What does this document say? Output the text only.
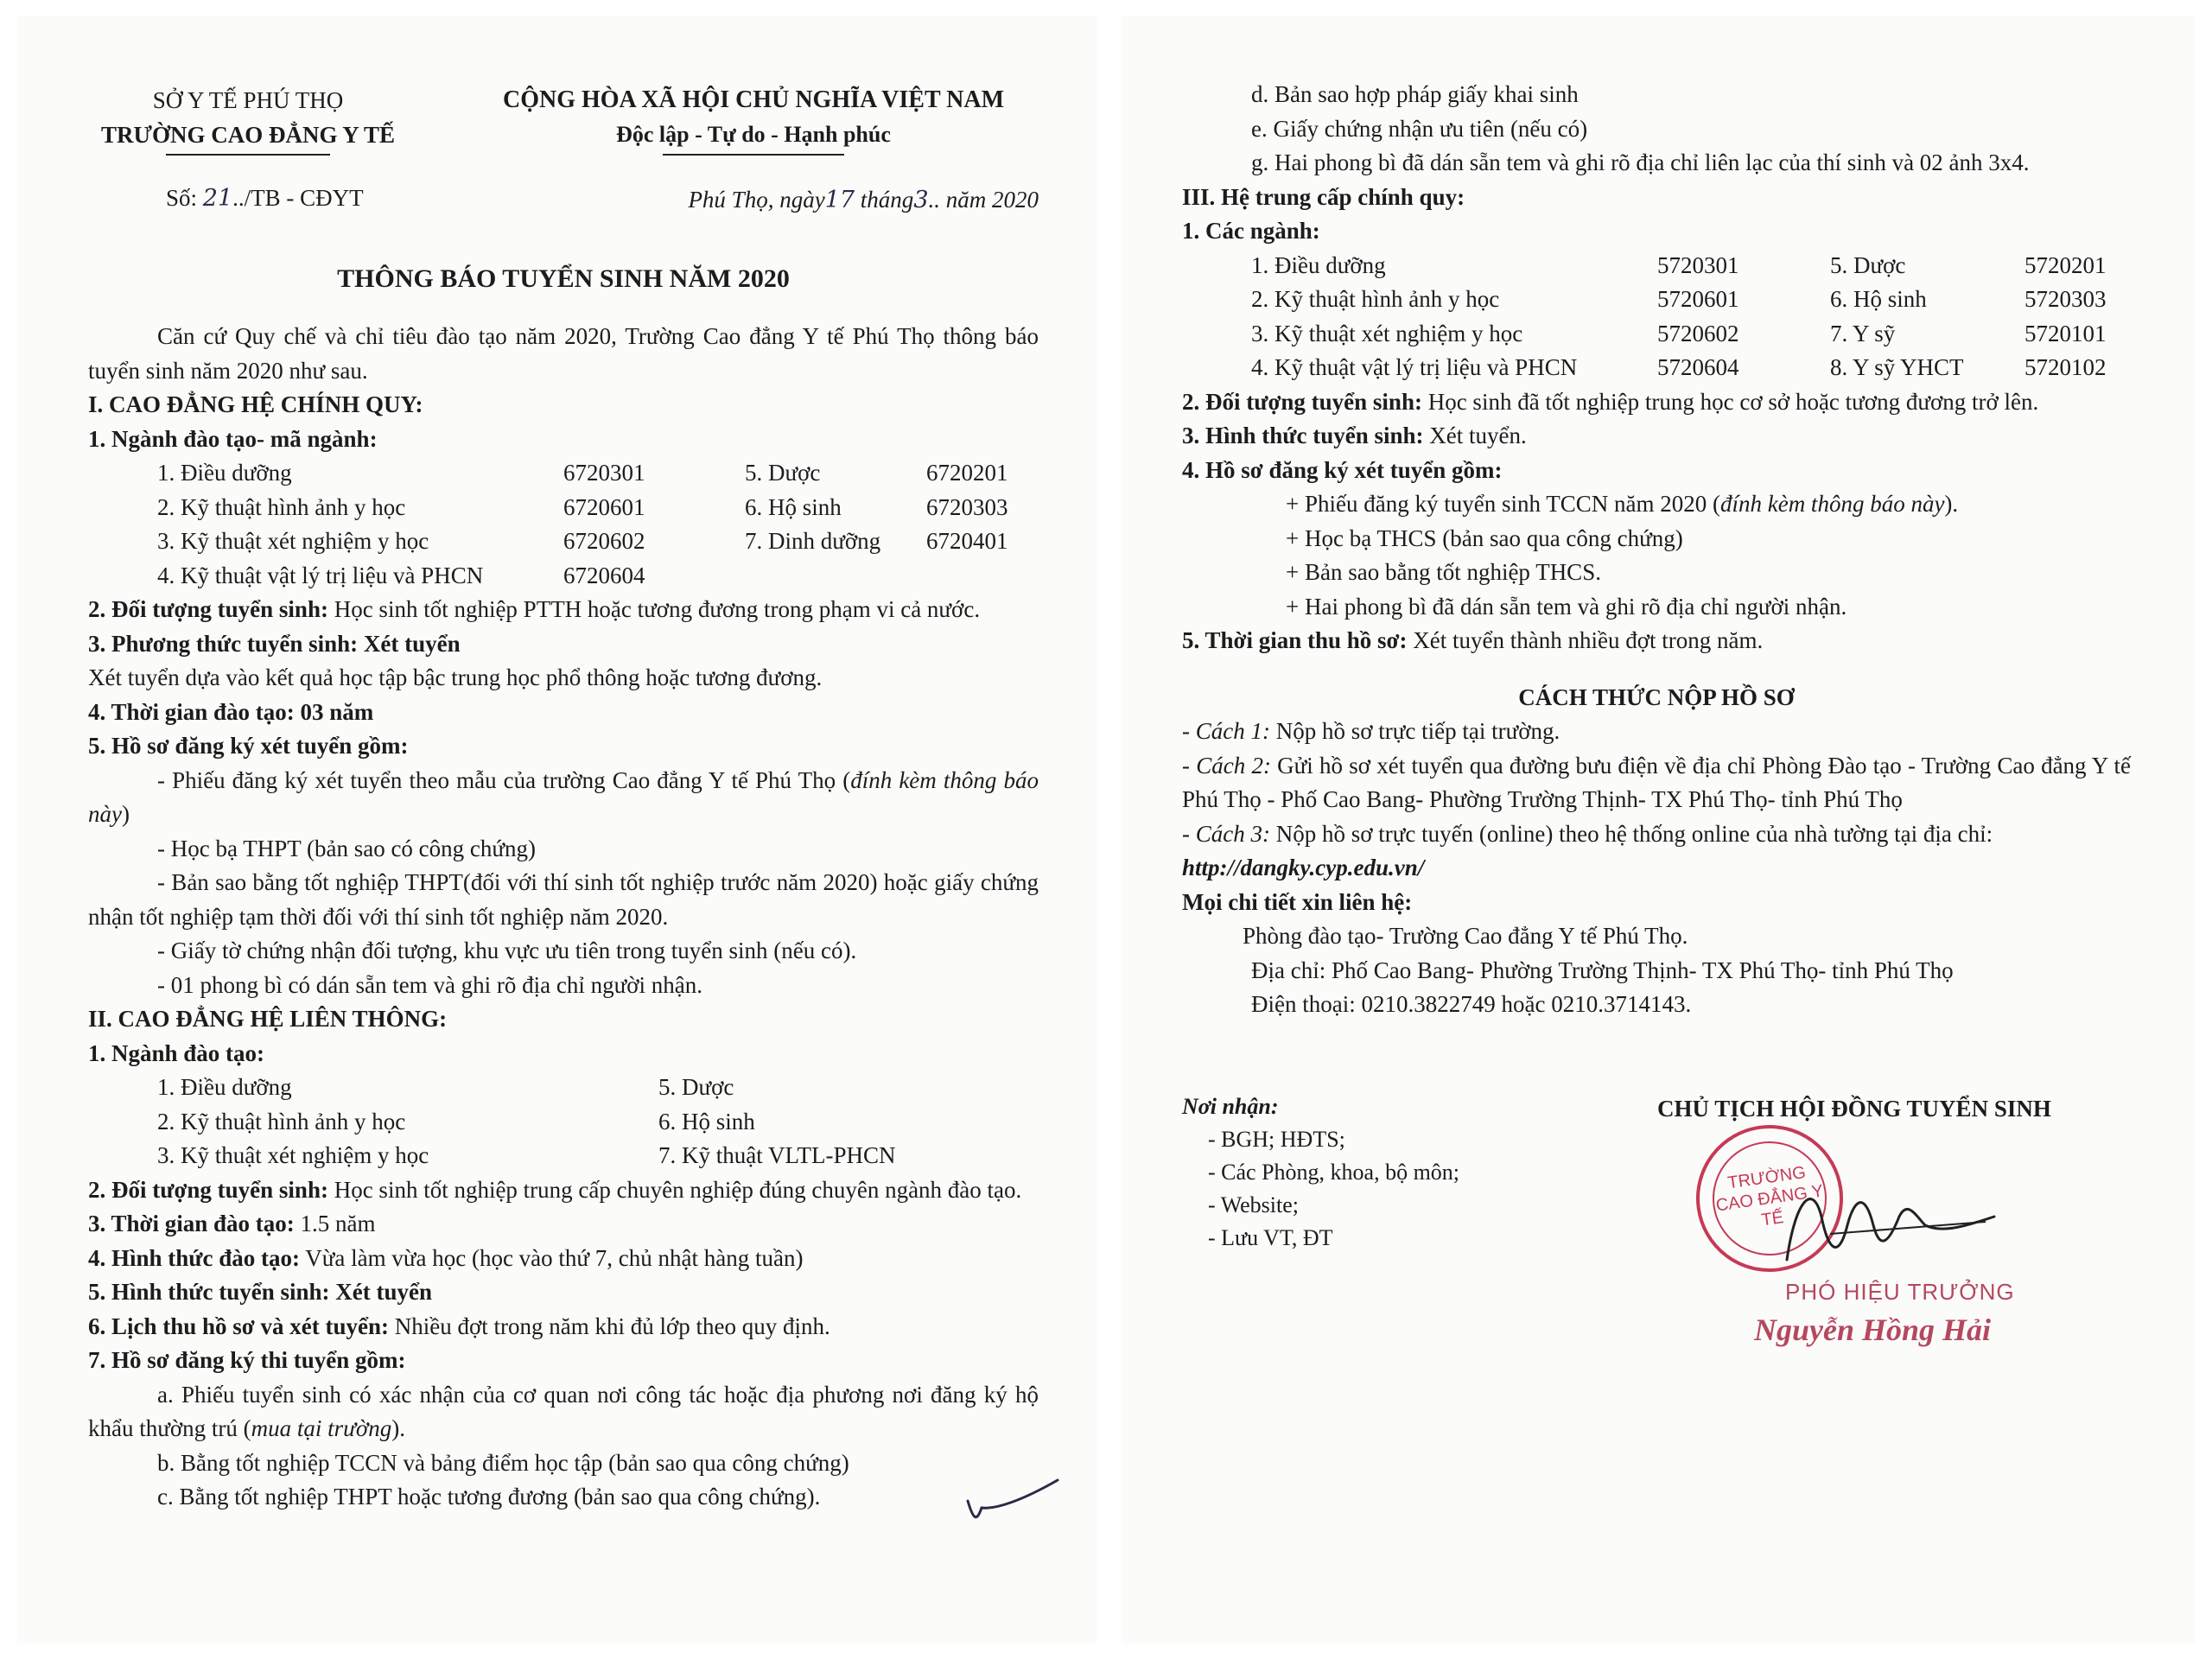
SỞ Y TẾ PHÚ THỌ
TRƯỜNG CAO ĐẲNG Y TẾ
CỘNG HÒA XÃ HỘI CHỦ NGHĨA VIỆT NAM
Độc lập - Tự do - Hạnh phúc
Số: 21../TB - CĐYT	Phú Thọ, ngày17 tháng3.. năm 2020
THÔNG BÁO TUYỂN SINH NĂM 2020
Căn cứ Quy chế và chỉ tiêu đào tạo năm 2020, Trường Cao đẳng Y tế Phú Thọ thông báo tuyển sinh năm 2020 như sau.
I. CAO ĐẲNG HỆ CHÍNH QUY:
1. Ngành đào tạo- mã ngành:
1. Điều dưỡng	6720301	5. Dược	6720201
2. Kỹ thuật hình ảnh y học	6720601	6. Hộ sinh	6720303
3. Kỹ thuật xét nghiệm y học	6720602	7. Dinh dưỡng	6720401
4. Kỹ thuật vật lý trị liệu và PHCN	6720604
2. Đối tượng tuyển sinh: Học sinh tốt nghiệp PTTH hoặc tương đương trong phạm vi cả nước.
3. Phương thức tuyển sinh: Xét tuyển
Xét tuyển dựa vào kết quả học tập bậc trung học phổ thông hoặc tương đương.
4. Thời gian đào tạo: 03 năm
5. Hồ sơ đăng ký xét tuyển gồm:
- Phiếu đăng ký xét tuyển theo mẫu của trường Cao đẳng Y tế Phú Thọ (đính kèm thông báo này)
- Học bạ THPT (bản sao có công chứng)
- Bản sao bằng tốt nghiệp THPT(đối với thí sinh tốt nghiệp trước năm 2020) hoặc giấy chứng nhận tốt nghiệp tạm thời đối với thí sinh tốt nghiệp năm 2020.
- Giấy tờ chứng nhận đối tượng, khu vực ưu tiên trong tuyển sinh (nếu có).
- 01 phong bì có dán sẵn tem và ghi rõ địa chỉ người nhận.
II. CAO ĐẲNG HỆ LIÊN THÔNG:
1. Ngành đào tạo:
1. Điều dưỡng	5. Dược
2. Kỹ thuật hình ảnh y học	6. Hộ sinh
3. Kỹ thuật xét nghiệm y học	7. Kỹ thuật VLTL-PHCN
2. Đối tượng tuyển sinh: Học sinh tốt nghiệp trung cấp chuyên nghiệp đúng chuyên ngành đào tạo.
3. Thời gian đào tạo: 1.5 năm
4. Hình thức đào tạo: Vừa làm vừa học (học vào thứ 7, chủ nhật hàng tuần)
5. Hình thức tuyển sinh: Xét tuyển
6. Lịch thu hồ sơ và xét tuyển: Nhiều đợt trong năm khi đủ lớp theo quy định.
7. Hồ sơ đăng ký thi tuyển gồm:
a. Phiếu tuyển sinh có xác nhận của cơ quan nơi công tác hoặc địa phương nơi đăng ký hộ khẩu thường trú (mua tại trường).
b. Bằng tốt nghiệp TCCN và bảng điểm học tập (bản sao qua công chứng)
c. Bằng tốt nghiệp THPT hoặc tương đương (bản sao qua công chứng).
d. Bản sao hợp pháp giấy khai sinh
e. Giấy chứng nhận ưu tiên (nếu có)
g. Hai phong bì đã dán sẵn tem và ghi rõ địa chỉ liên lạc của thí sinh và 02 ảnh 3x4.
III. Hệ trung cấp chính quy:
1. Các ngành:
1. Điều dưỡng	5720301	5. Dược	5720201
2. Kỹ thuật hình ảnh y học	5720601	6. Hộ sinh	5720303
3. Kỹ thuật xét nghiệm y học	5720602	7. Y sỹ	5720101
4. Kỹ thuật vật lý trị liệu và PHCN	5720604	8. Y sỹ YHCT	5720102
2. Đối tượng tuyển sinh: Học sinh đã tốt nghiệp trung học cơ sở hoặc tương đương trở lên.
3. Hình thức tuyển sinh: Xét tuyển.
4. Hồ sơ đăng ký xét tuyển gồm:
+ Phiếu đăng ký tuyển sinh TCCN năm 2020 (đính kèm thông báo này).
+ Học bạ THCS (bản sao qua công chứng)
+ Bản sao bằng tốt nghiệp THCS.
+ Hai phong bì đã dán sẵn tem và ghi rõ địa chỉ người nhận.
5. Thời gian thu hồ sơ: Xét tuyển thành nhiều đợt trong năm.
CÁCH THỨC NỘP HỒ SƠ
- Cách 1: Nộp hồ sơ trực tiếp tại trường.
- Cách 2: Gửi hồ sơ xét tuyển qua đường bưu điện về địa chỉ Phòng Đào tạo - Trường Cao đẳng Y tế Phú Thọ - Phố Cao Bang- Phường Trường Thịnh- TX Phú Thọ- tỉnh Phú Thọ
- Cách 3: Nộp hồ sơ trực tuyến (online) theo hệ thống online của nhà tường tại địa chỉ:
http://dangky.cyp.edu.vn/
Mọi chi tiết xin liên hệ:
Phòng đào tạo- Trường Cao đẳng Y tế Phú Thọ.
Địa chỉ: Phố Cao Bang- Phường Trường Thịnh- TX Phú Thọ- tỉnh Phú Thọ
Điện thoại: 0210.3822749 hoặc 0210.3714143.
Nơi nhận:
- BGH; HĐTS;
- Các Phòng, khoa, bộ môn;
- Website;
- Lưu VT, ĐT
CHỦ TỊCH HỘI ĐỒNG TUYỂN SINH
TRƯỜNG CAO ĐẲNG Y TẾ
PHÓ HIỆU TRƯỞNG
Nguyễn Hồng Hải
